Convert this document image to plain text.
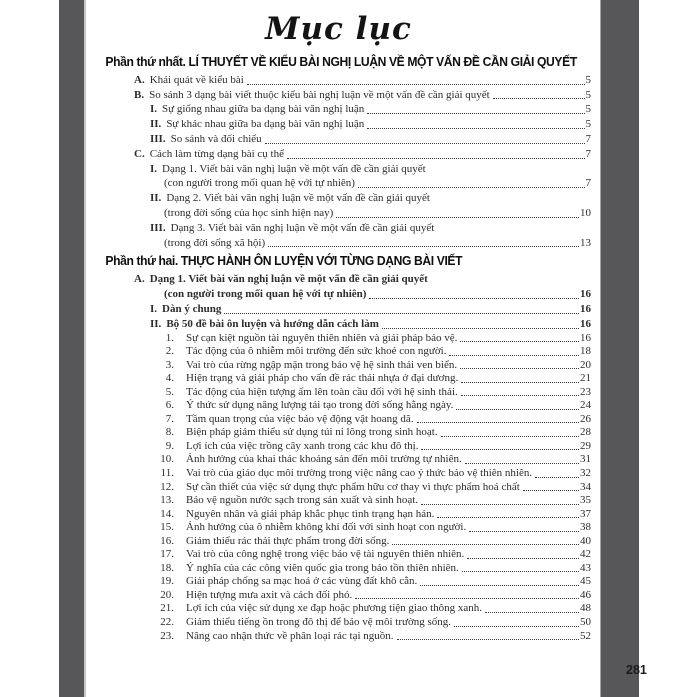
Mục lục
Phần thứ nhất. LÍ THUYẾT VỀ KIỂU BÀI NGHỊ LUẬN VỀ MỘT VẤN ĐỀ CẦN GIẢI QUYẾT
A. Khái quát về kiểu bài	5
B. So sánh 3 dạng bài viết thuộc kiểu bài nghị luận về một vấn đề cần giải quyết	5
I. Sự giống nhau giữa ba dạng bài văn nghị luận	5
II. Sự khác nhau giữa ba dạng bài văn nghị luận	5
III. So sánh và đối chiếu	7
C. Cách làm từng dạng bài cụ thể	7
I. Dạng 1. Viết bài văn nghị luận về một vấn đề cần giải quyết
(con người trong mối quan hệ với tự nhiên)	7
II. Dạng 2. Viết bài văn nghị luận về một vấn đề cần giải quyết
(trong đời sống của học sinh hiện nay)	10
III. Dạng 3. Viết bài văn nghị luận về một vấn đề cần giải quyết
(trong đời sống xã hội)	13
Phần thứ hai. THỰC HÀNH ÔN LUYỆN VỚI TỪNG DẠNG BÀI VIẾT
A. Dạng 1. Viết bài văn nghị luận về một vấn đề cần giải quyết
(con người trong mối quan hệ với tự nhiên)	16
I. Dàn ý chung	16
II. Bộ 50 đề bài ôn luyện và hướng dẫn cách làm	16
1. Sự cạn kiệt nguồn tài nguyên thiên nhiên và giải pháp bảo vệ.	16
2. Tác động của ô nhiễm môi trường đến sức khoẻ con người.	18
3. Vai trò của rừng ngập mặn trong bảo vệ hệ sinh thái ven biển.	20
4. Hiện trạng và giải pháp cho vấn đề rác thải nhựa ở đại dương.	21
5. Tác động của hiện tượng ấm lên toàn cầu đối với hệ sinh thái.	23
6. Ý thức sử dụng năng lượng tái tạo trong đời sống hằng ngày.	24
7. Tầm quan trọng của việc bảo vệ động vật hoang dã.	26
8. Biện pháp giảm thiểu sử dụng túi ni lông trong sinh hoạt.	28
9. Lợi ích của việc trồng cây xanh trong các khu đô thị.	29
10. Ảnh hưởng của khai thác khoáng sản đến môi trường tự nhiên.	31
11. Vai trò của giáo dục môi trường trong việc nâng cao ý thức bảo vệ thiên nhiên.	32
12. Sự cần thiết của việc sử dụng thực phẩm hữu cơ thay vì thực phẩm hoá chất	34
13. Bảo vệ nguồn nước sạch trong sản xuất và sinh hoạt.	35
14. Nguyên nhân và giải pháp khắc phục tình trạng hạn hán.	37
15. Ảnh hưởng của ô nhiễm không khí đối với sinh hoạt con người.	38
16. Giảm thiểu rác thải thực phẩm trong đời sống.	40
17. Vai trò của công nghệ trong việc bảo vệ tài nguyên thiên nhiên.	42
18. Ý nghĩa của các công viên quốc gia trong bảo tồn thiên nhiên.	43
19. Giải pháp chống sa mạc hoá ở các vùng đất khô cằn.	45
20. Hiện tượng mưa axit và cách đối phó.	46
21. Lợi ích của việc sử dụng xe đạp hoặc phương tiện giao thông xanh.	48
22. Giảm thiểu tiếng ồn trong đô thị để bảo vệ môi trường sống.	50
23. Nâng cao nhận thức về phân loại rác tại nguồn.	52
281
